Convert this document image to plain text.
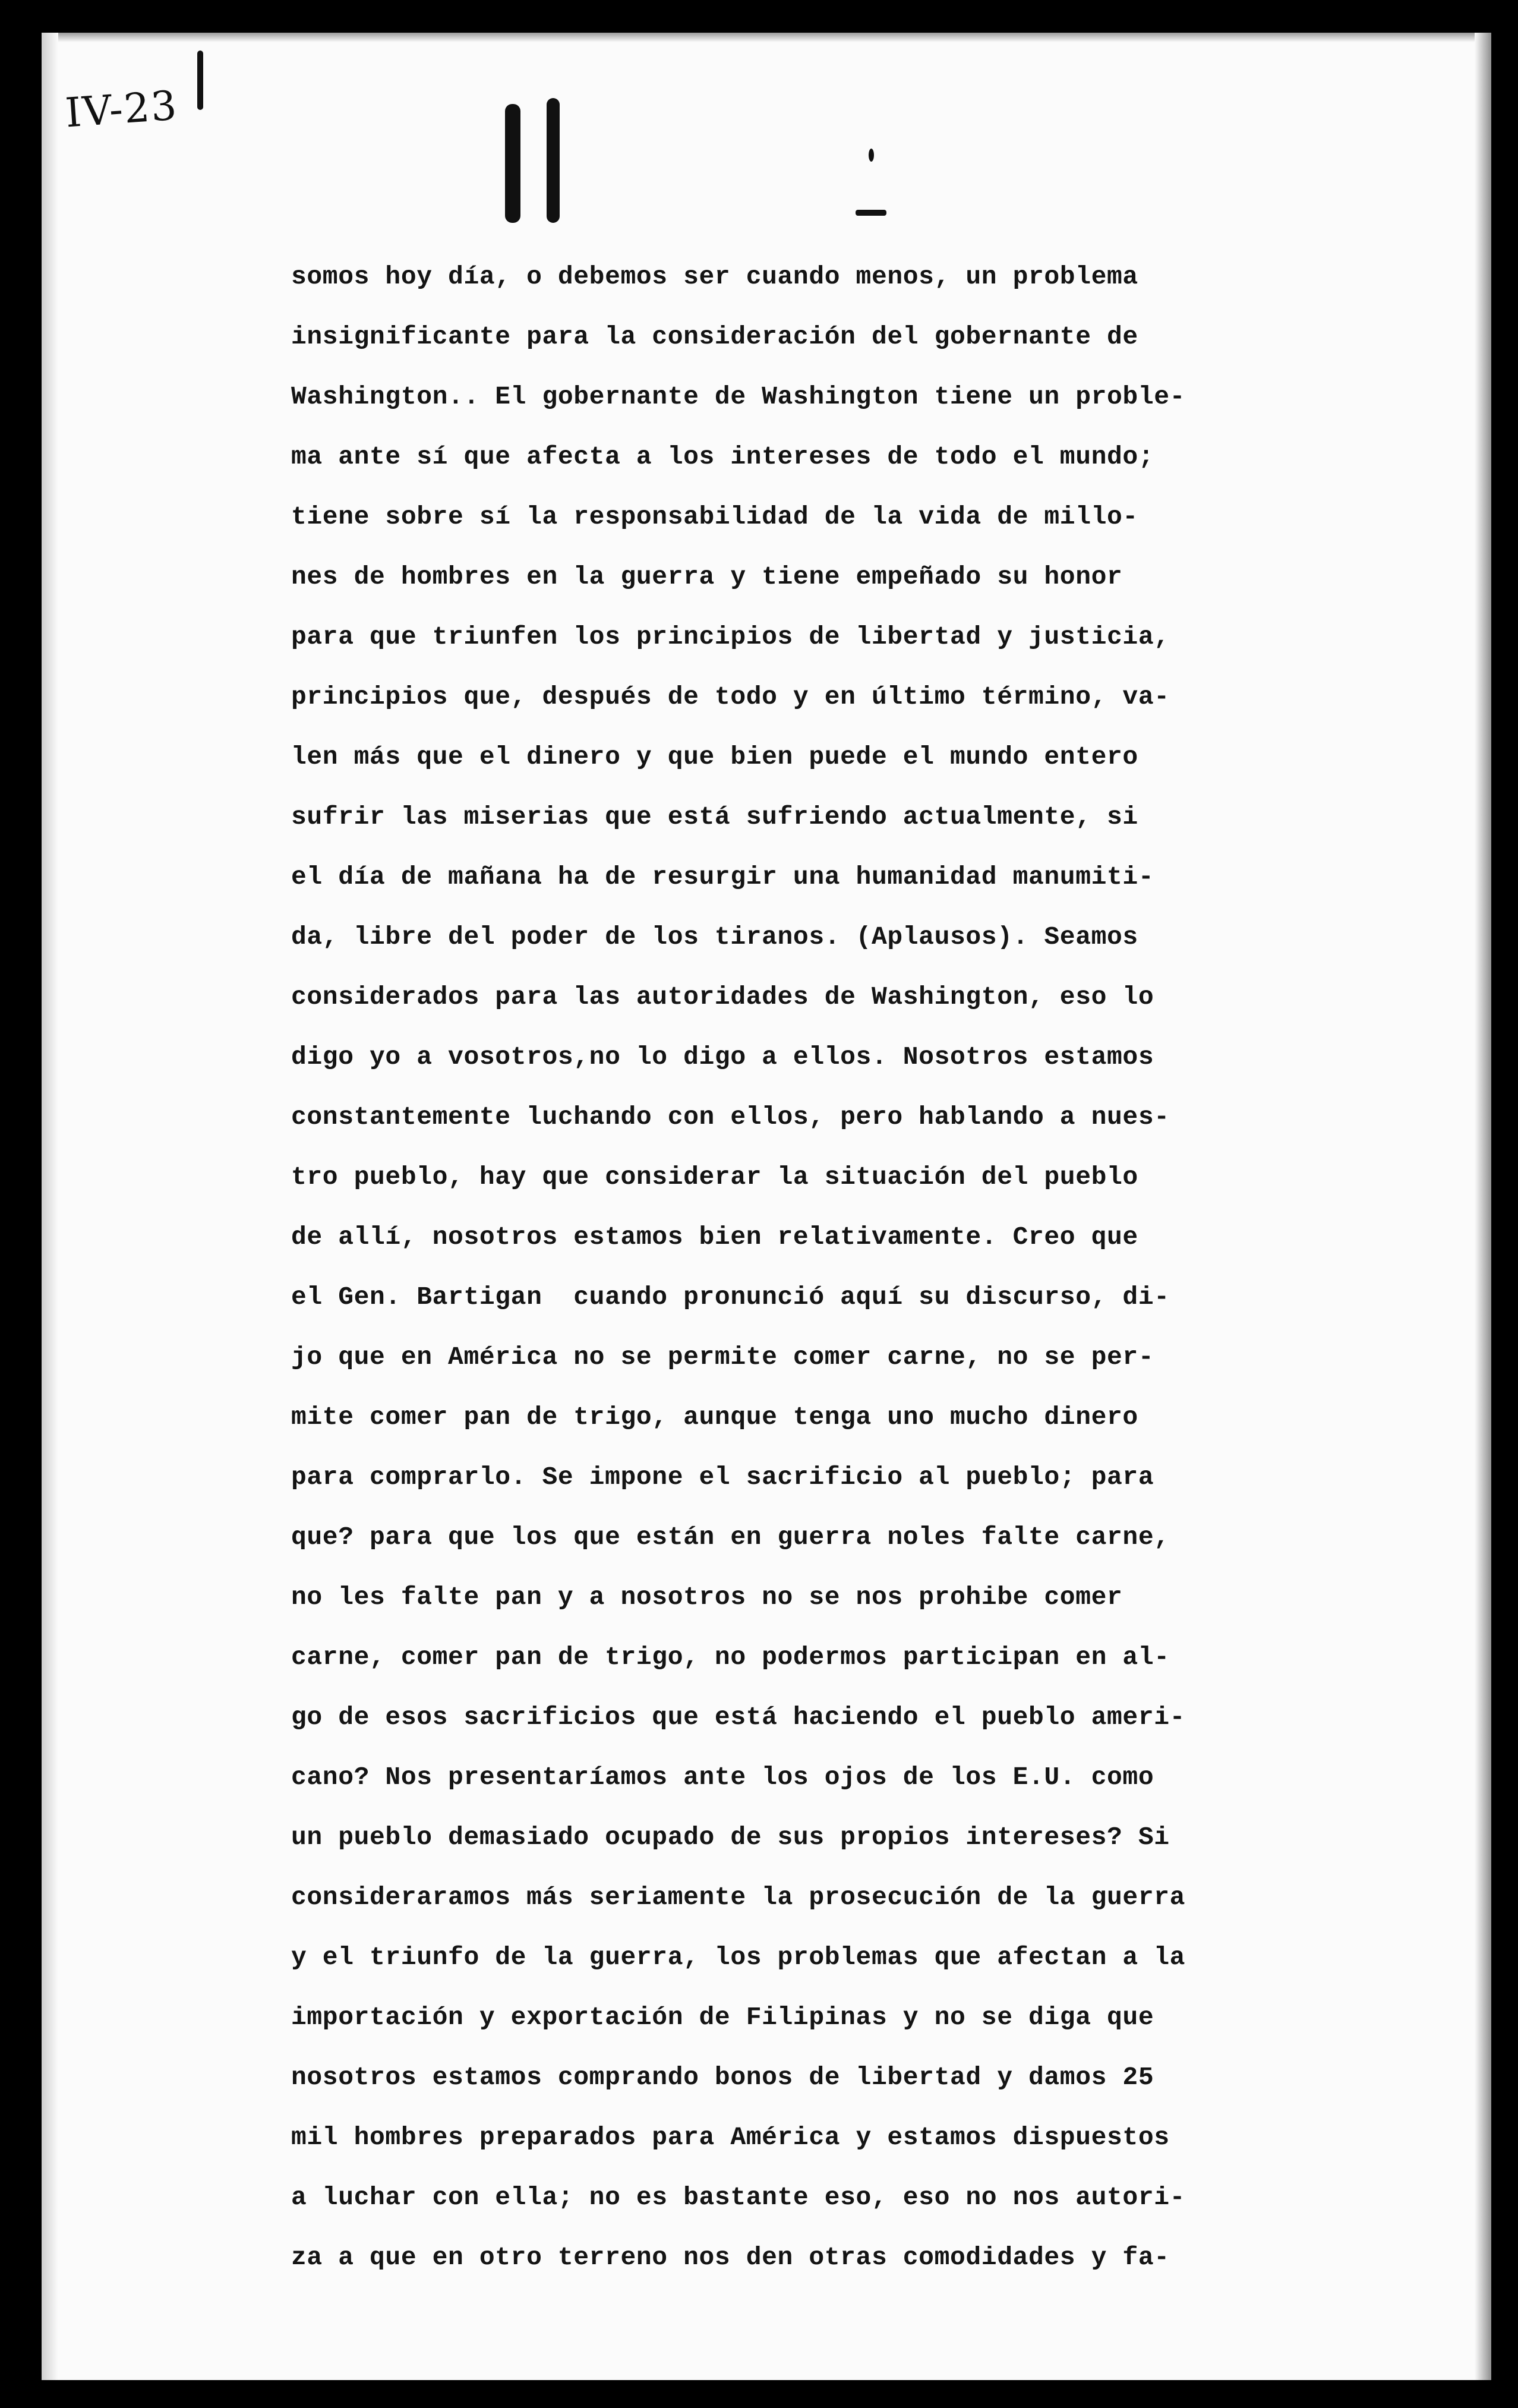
IV-23
somos hoy día, o debemos ser cuando menos, un problema
insignificante para la consideración del gobernante de
Washington.. El gobernante de Washington tiene un proble-
ma ante sí que afecta a los intereses de todo el mundo;
tiene sobre sí la responsabilidad de la vida de millo-
nes de hombres en la guerra y tiene empeñado su honor
para que triunfen los principios de libertad y justicia,
principios que, después de todo y en último término, va-
len más que el dinero y que bien puede el mundo entero
sufrir las miserias que está sufriendo actualmente, si
el día de mañana ha de resurgir una humanidad manumiti-
da, libre del poder de los tiranos. (Aplausos). Seamos
considerados para las autoridades de Washington, eso lo
digo yo a vosotros,no lo digo a ellos. Nosotros estamos
constantemente luchando con ellos, pero hablando a nues-
tro pueblo, hay que considerar la situación del pueblo
de allí, nosotros estamos bien relativamente. Creo que
el Gen. Bartigan  cuando pronunció aquí su discurso, di-
jo que en América no se permite comer carne, no se per-
mite comer pan de trigo, aunque tenga uno mucho dinero
para comprarlo. Se impone el sacrificio al pueblo; para
que? para que los que están en guerra noles falte carne,
no les falte pan y a nosotros no se nos prohibe comer
carne, comer pan de trigo, no podermos participan en al-
go de esos sacrificios que está haciendo el pueblo ameri-
cano? Nos presentaríamos ante los ojos de los E.U. como
un pueblo demasiado ocupado de sus propios intereses? Si
consideraramos más seriamente la prosecución de la guerra
y el triunfo de la guerra, los problemas que afectan a la
importación y exportación de Filipinas y no se diga que
nosotros estamos comprando bonos de libertad y damos 25
mil hombres preparados para América y estamos dispuestos
a luchar con ella; no es bastante eso, eso no nos autori-
za a que en otro terreno nos den otras comodidades y fa-
